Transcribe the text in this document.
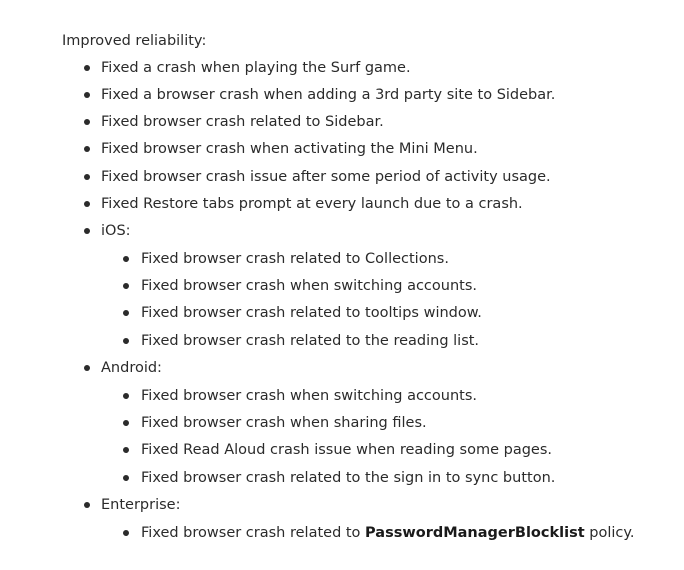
Improved reliability:
Fixed a crash when playing the Surf game.
Fixed a browser crash when adding a 3rd party site to Sidebar.
Fixed browser crash related to Sidebar.
Fixed browser crash when activating the Mini Menu.
Fixed browser crash issue after some period of activity usage.
Fixed Restore tabs prompt at every launch due to a crash.
iOS:
Fixed browser crash related to Collections.
Fixed browser crash when switching accounts.
Fixed browser crash related to tooltips window.
Fixed browser crash related to the reading list.
Android:
Fixed browser crash when switching accounts.
Fixed browser crash when sharing files.
Fixed Read Aloud crash issue when reading some pages.
Fixed browser crash related to the sign in to sync button.
Enterprise:
Fixed browser crash related to PasswordManagerBlocklist policy.
